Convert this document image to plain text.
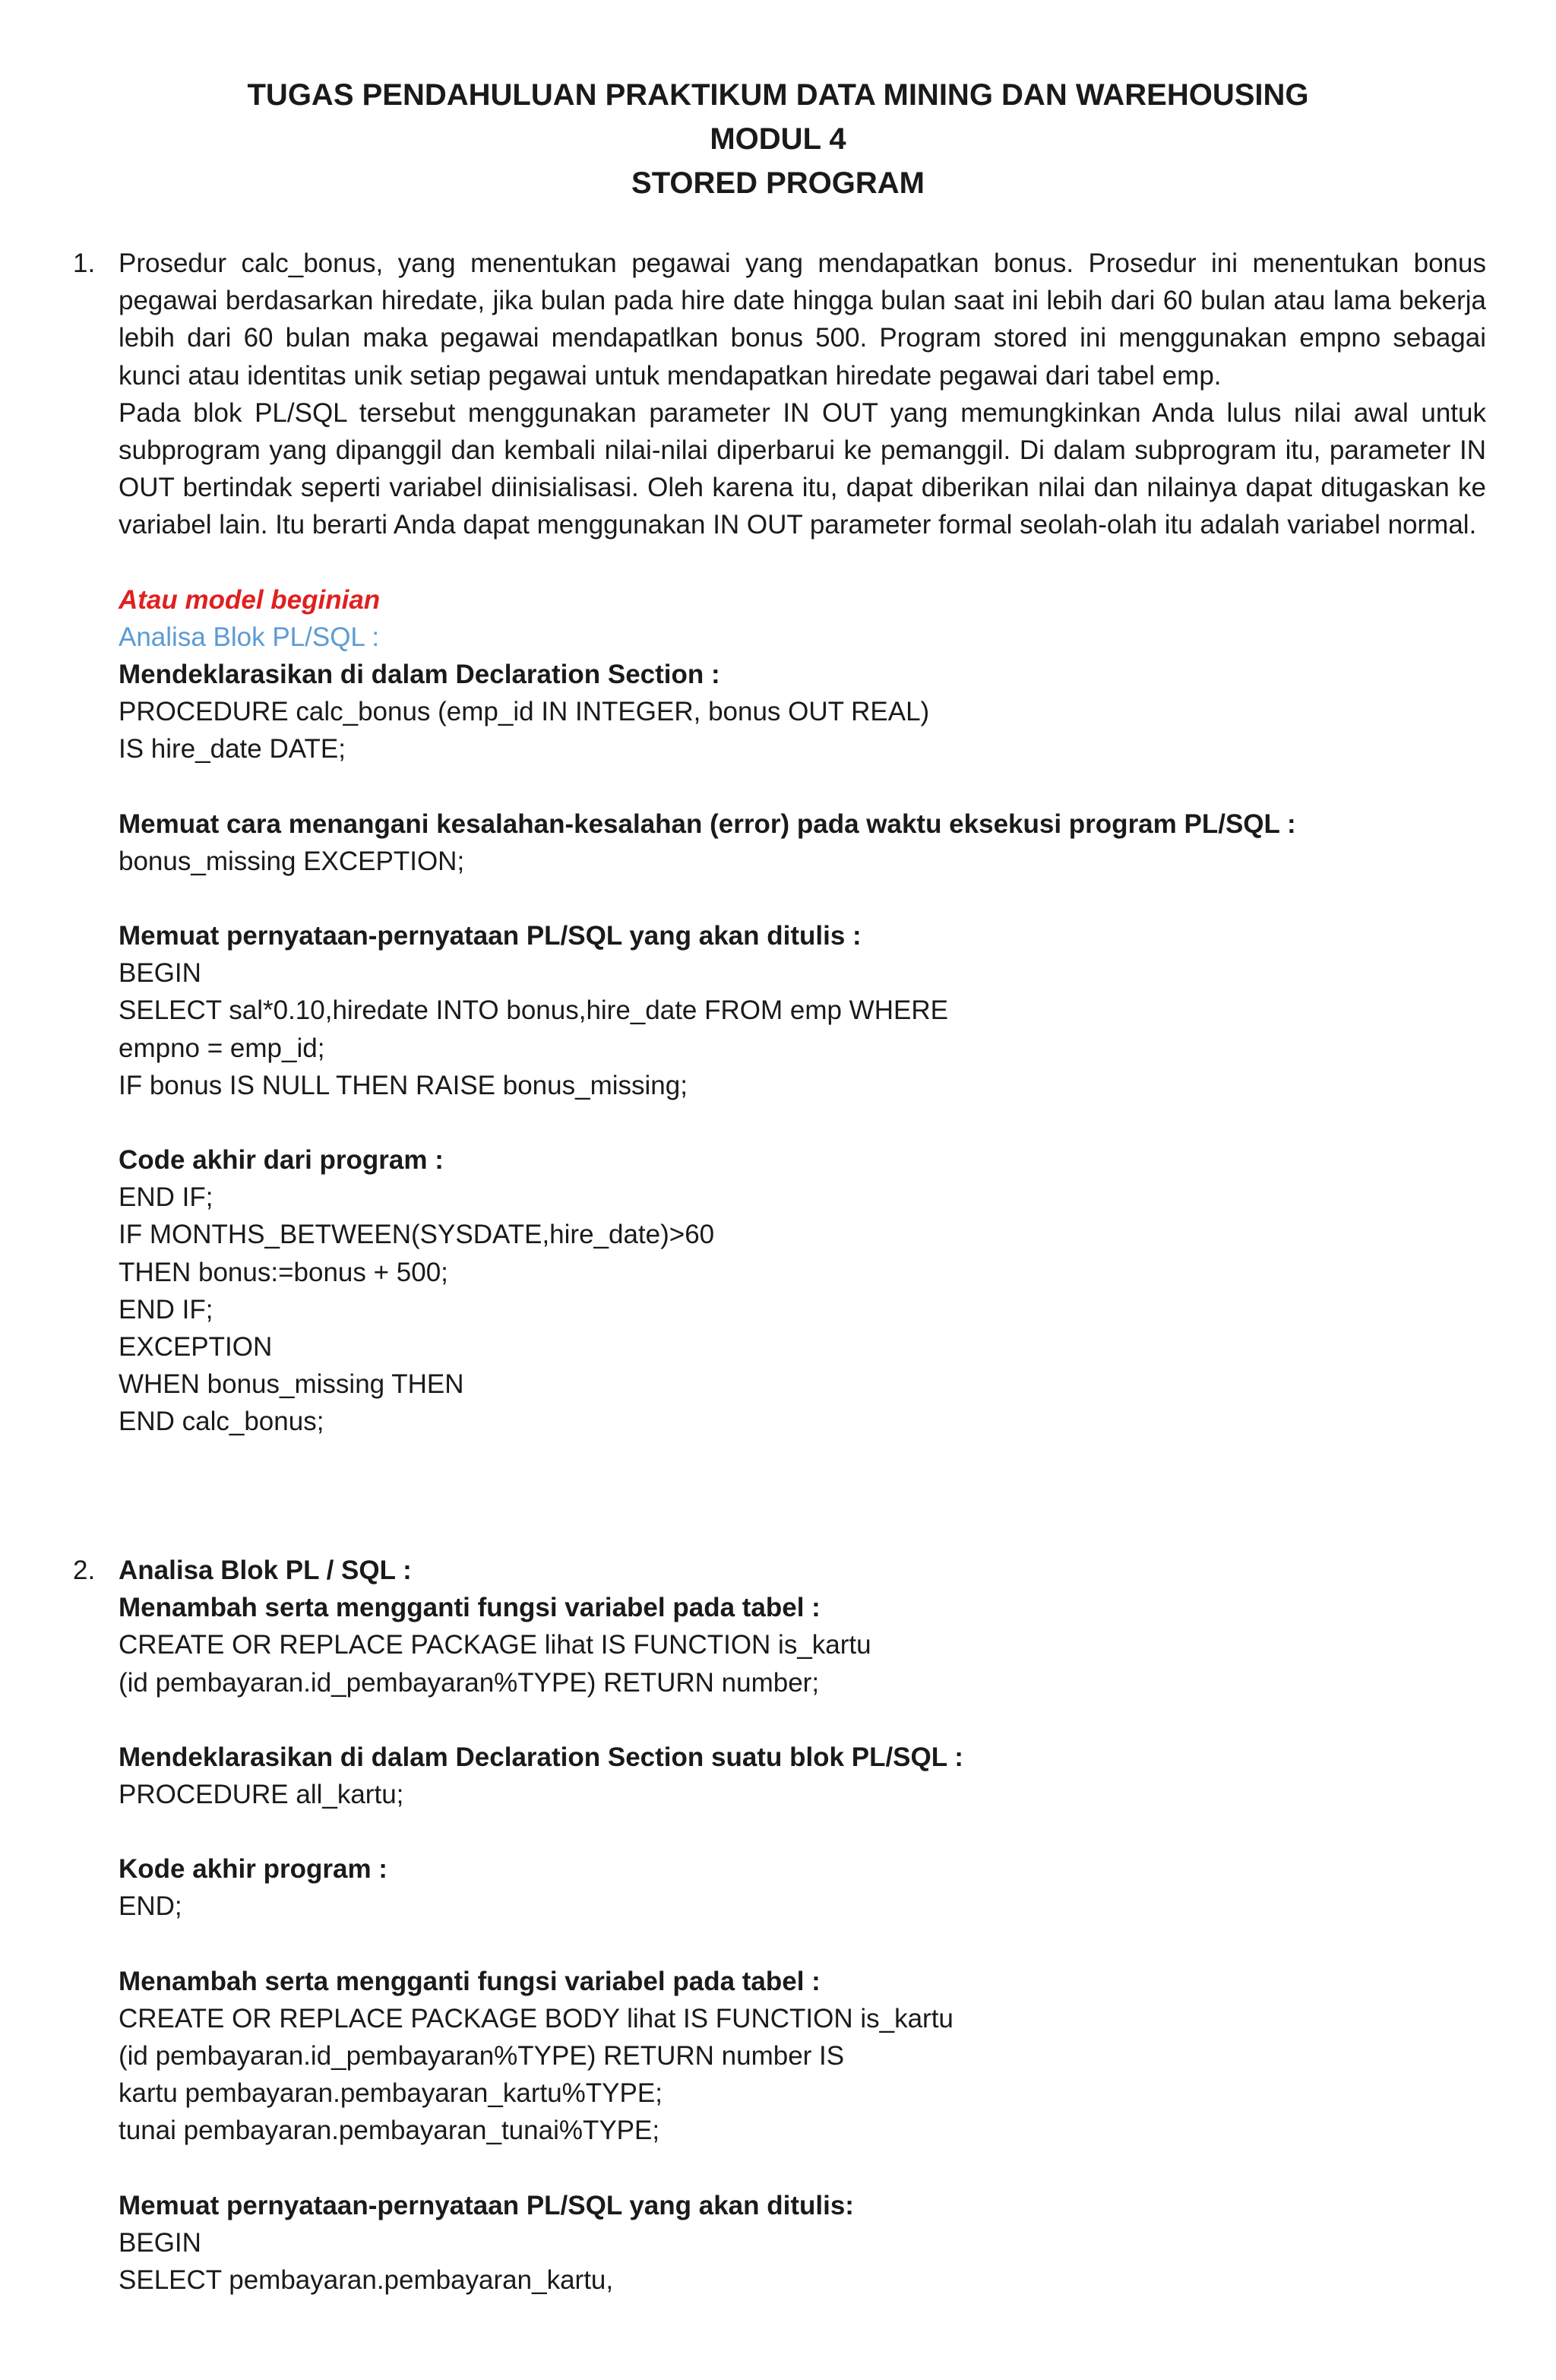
TUGAS PENDAHULUAN PRAKTIKUM DATA MINING DAN WAREHOUSING
MODUL 4
STORED PROGRAM
1. Prosedur calc_bonus, yang menentukan pegawai yang mendapatkan bonus. Prosedur ini menentukan bonus pegawai berdasarkan hiredate, jika bulan pada hire date hingga bulan saat ini lebih dari 60 bulan atau lama bekerja lebih dari 60 bulan maka pegawai mendapatlkan bonus 500. Program stored ini menggunakan empno sebagai kunci atau identitas unik setiap pegawai untuk mendapatkan hiredate pegawai dari tabel emp.

Pada blok PL/SQL tersebut menggunakan parameter IN OUT yang memungkinkan Anda lulus nilai awal untuk subprogram yang dipanggil dan kembali nilai-nilai diperbarui ke pemanggil. Di dalam subprogram itu, parameter IN OUT bertindak seperti variabel diinisialisasi. Oleh karena itu, dapat diberikan nilai dan nilainya dapat ditugaskan ke variabel lain. Itu berarti Anda dapat menggunakan IN OUT parameter formal seolah-olah itu adalah variabel normal.

Atau model beginian
Analisa Blok PL/SQL :
Mendeklarasikan di dalam Declaration Section :
PROCEDURE calc_bonus (emp_id IN INTEGER, bonus OUT REAL)
IS hire_date DATE;
Memuat cara menangani kesalahan-kesalahan (error) pada waktu eksekusi program PL/SQL :
bonus_missing EXCEPTION;
Memuat pernyataan-pernyataan PL/SQL yang akan ditulis :
BEGIN
SELECT sal*0.10,hiredate INTO bonus,hire_date FROM emp WHERE
empno = emp_id;
IF bonus IS NULL THEN RAISE bonus_missing;
Code akhir dari program :
END IF;
IF MONTHS_BETWEEN(SYSDATE,hire_date)>60
THEN bonus:=bonus + 500;
END IF;
EXCEPTION
WHEN bonus_missing THEN
END calc_bonus;
2. Analisa Blok PL / SQL :
Menambah serta mengganti fungsi variabel pada tabel :
CREATE OR REPLACE PACKAGE lihat IS FUNCTION is_kartu
(id pembayaran.id_pembayaran%TYPE) RETURN number;
Mendeklarasikan di dalam Declaration Section suatu blok PL/SQL :
PROCEDURE all_kartu;
Kode akhir program :
END;
Menambah serta mengganti fungsi variabel pada tabel :
CREATE OR REPLACE PACKAGE BODY lihat IS FUNCTION is_kartu
(id pembayaran.id_pembayaran%TYPE) RETURN number IS
kartu pembayaran.pembayaran_kartu%TYPE;
tunai pembayaran.pembayaran_tunai%TYPE;
Memuat pernyataan-pernyataan PL/SQL yang akan ditulis:
BEGIN
SELECT pembayaran.pembayaran_kartu,
